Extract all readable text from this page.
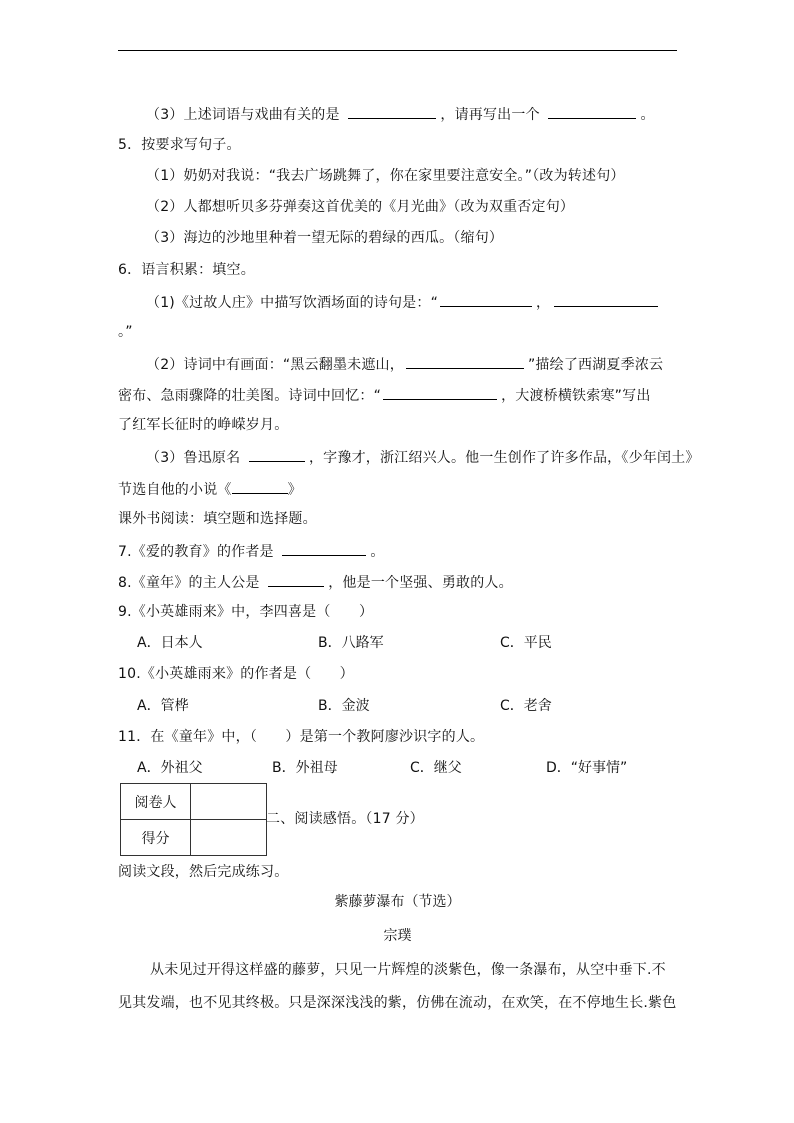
（3）上述词语与戏曲有关的是	，请再写出一个	。
5．按要求写句子。
（1）奶奶对我说：“我去广场跳舞了，你在家里要注意安全。”（改为转述句）
（2）人都想听贝多芬弹奏这首优美的《月光曲》（改为双重否定句）
（3）海边的沙地里种着一望无际的碧绿的西瓜。（缩句）
6．语言积累：填空。
（1)《过故人庄》中描写饮酒场面的诗句是：“	，
。”
（2）诗词中有画面：“黑云翻墨未遮山，	”描绘了西湖夏季浓云
密布、急雨骤降的壮美图。诗词中回忆：“	，大渡桥横铁索寒”写出
了红军长征时的峥嵘岁月。
（3）鲁迅原名	，字豫才，浙江绍兴人。他一生创作了许多作品，《少年闰土》
节选自他的小说《	》
课外书阅读：填空题和选择题。
7.《爱的教育》的作者是	。
8.《童年》的主人公是	，他是一个坚强、勇敢的人。
9.《小英雄雨来》中，李四喜是（　　）
A．日本人	B．八路军	C．平民
10.《小英雄雨来》的作者是（　　）
A．管桦	B．金波	C．老舍
11．在《童年》中，（　　）是第一个教阿廖沙识字的人。
A．外祖父	B．外祖母	C．继父	D．“好事情”
阅卷人	
得分	
二、阅读感悟。（17 分）
阅读文段，然后完成练习。
紫藤萝瀑布（节选）
宗璞
从未见过开得这样盛的藤萝，只见一片辉煌的淡紫色，像一条瀑布，从空中垂下.不
见其发端，也不见其终极。只是深深浅浅的紫，仿佛在流动，在欢笑，在不停地生长.紫色
